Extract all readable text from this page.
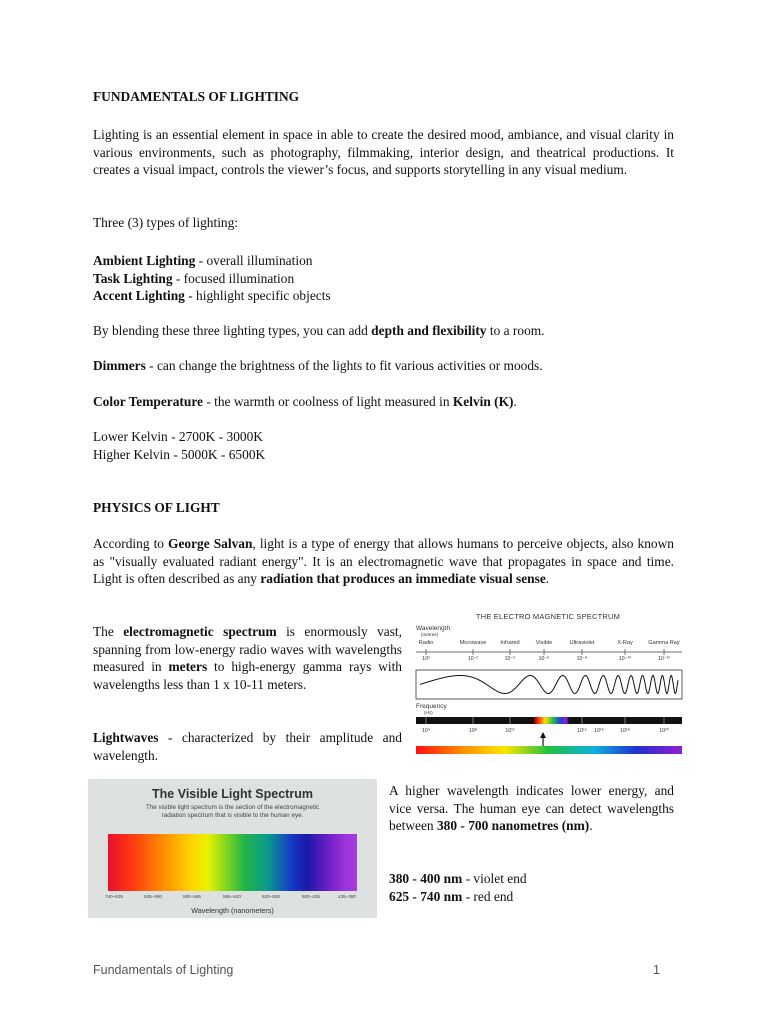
FUNDAMENTALS OF LIGHTING

Lighting is an essential element in space in able to create the desired mood, ambiance, and visual clarity in various environments, such as photography, filmmaking, interior design, and theatrical productions. It creates a visual impact, controls the viewer’s focus, and supports storytelling in any visual medium.

Three (3) types of lighting:

Ambient Lighting - overall illumination
Task Lighting - focused illumination
Accent Lighting - highlight specific objects

By blending these three lighting types, you can add depth and flexibility to a room.

Dimmers - can change the brightness of the lights to fit various activities or moods.

Color Temperature - the warmth or coolness of light measured in Kelvin (K).

Lower Kelvin - 2700K - 3000K
Higher Kelvin - 5000K - 6500K

PHYSICS OF LIGHT

According to George Salvan, light is a type of energy that allows humans to perceive objects, also known as "visually evaluated radiant energy". It is an electromagnetic wave that propagates in space and time. Light is often described as any radiation that produces an immediate visual sense.

The electromagnetic spectrum is enormously vast, spanning from low-energy radio waves with wavelengths measured in meters to high-energy gamma rays with wavelengths less than 1 x 10-11 meters.

Lightwaves - characterized by their amplitude and wavelength.

A higher wavelength indicates lower energy, and vice versa. The human eye can detect wavelengths between 380 - 700 nanometres (nm).

380 - 400 nm - violet end
625 - 740 nm - red end
THE ELECTRO MAGNETIC SPECTRUM
Wavelength
(metres)
Radio	Microwave Infrared	Visible	Ultraviolet	X-Ray	Gamma Ray
10³	10⁻²	10⁻⁵	10⁻⁶	10⁻⁸	10⁻¹⁰	10⁻¹²
Frequency
(Hz)
10⁴	10⁸	10¹²	10¹⁵ 10¹⁶	10¹⁸	10²⁰
The Visible Light Spectrum
The visible light spectrum is the section of the electromagnetic radiation spectrum that is visible to the human eye.
740–625	625–590	590–565	565–520	520–500	500–435	435–380
Wavelength (nanometers)
Fundamentals of Lighting	1
